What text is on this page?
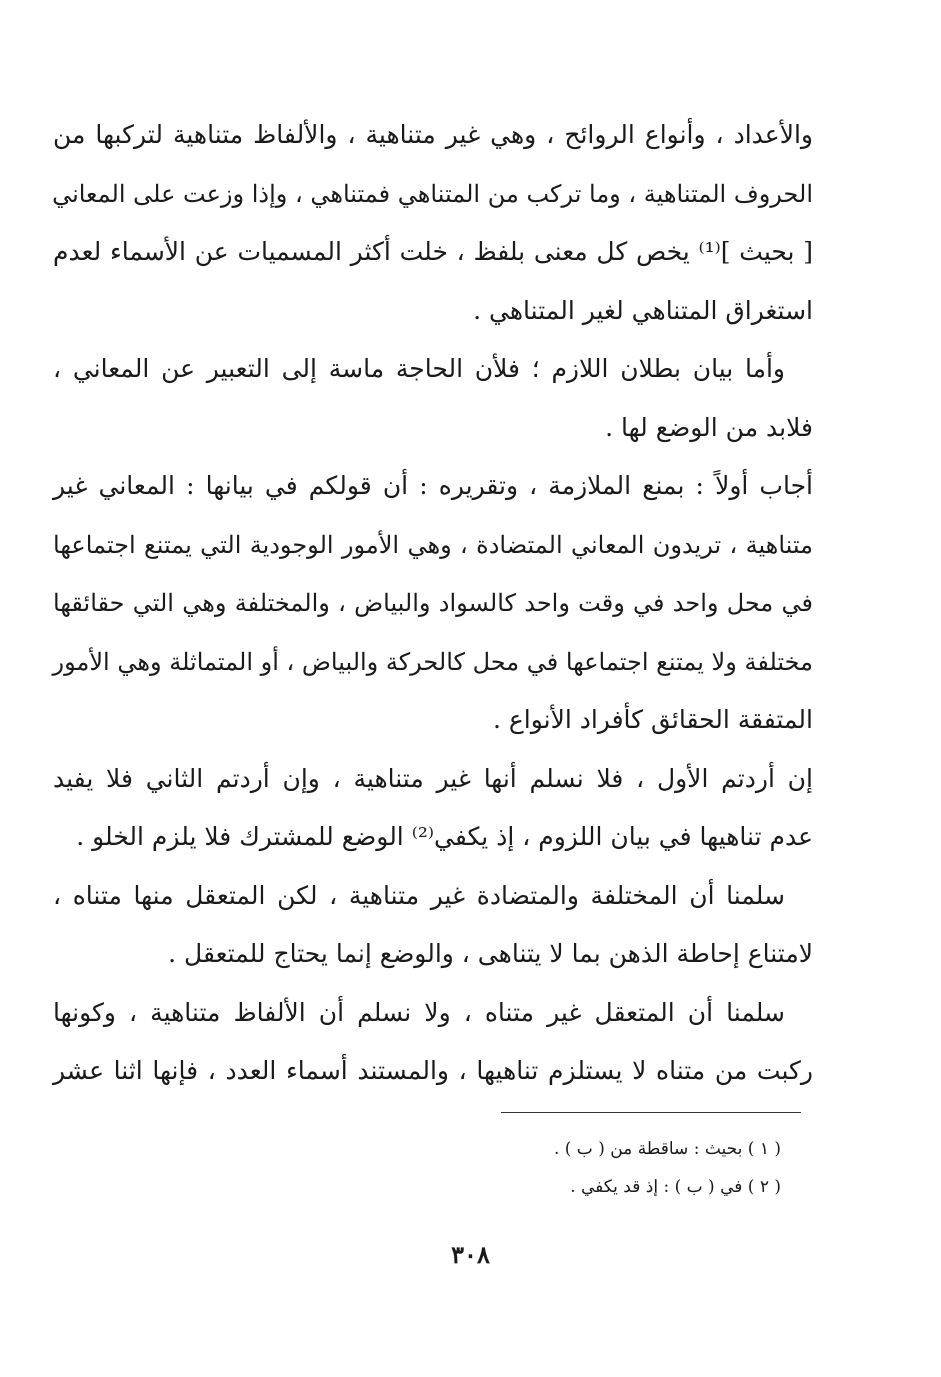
والأعداد ، وأنواع الروائح ، وهي غير متناهية ، والألفاظ متناهية لتركبها من
الحروف المتناهية ، وما تركب من المتناهي فمتناهي ، وإذا وزعت على المعاني
[ بحيث ]⁽¹⁾ يخص كل معنى بلفظ ، خلت أكثر المسميات عن الأسماء لعدم
استغراق المتناهي لغير المتناهي .
وأما بيان بطلان اللازم ؛ فلأن الحاجة ماسة إلى التعبير عن المعاني ،
فلابد من الوضع لها .
أجاب أولاً : بمنع الملازمة ، وتقريره : أن قولكم في بيانها : المعاني غير
متناهية ، تريدون المعاني المتضادة ، وهي الأمور الوجودية التي يمتنع اجتماعها
في محل واحد في وقت واحد كالسواد والبياض ، والمختلفة وهي التي حقائقها
مختلفة ولا يمتنع اجتماعها في محل كالحركة والبياض ، أو المتماثلة وهي الأمور
المتفقة الحقائق كأفراد الأنواع .
إن أردتم الأول ، فلا نسلم أنها غير متناهية ، وإن أردتم الثاني فلا يفيد
عدم تناهيها في بيان اللزوم ، إذ يكفي⁽²⁾ الوضع للمشترك فلا يلزم الخلو .
سلمنا أن المختلفة والمتضادة غير متناهية ، لكن المتعقل منها متناه ،
لامتناع إحاطة الذهن بما لا يتناهى ، والوضع إنما يحتاج للمتعقل .
سلمنا أن المتعقل غير متناه ، ولا نسلم أن الألفاظ متناهية ، وكونها
ركبت من متناه لا يستلزم تناهيها ، والمستند أسماء العدد ، فإنها اثنا عشر
( ١ ) بحيث : ساقطة من ( ب ) .
( ٢ ) في ( ب ) : إذ قد يكفي .
٣٠٨
